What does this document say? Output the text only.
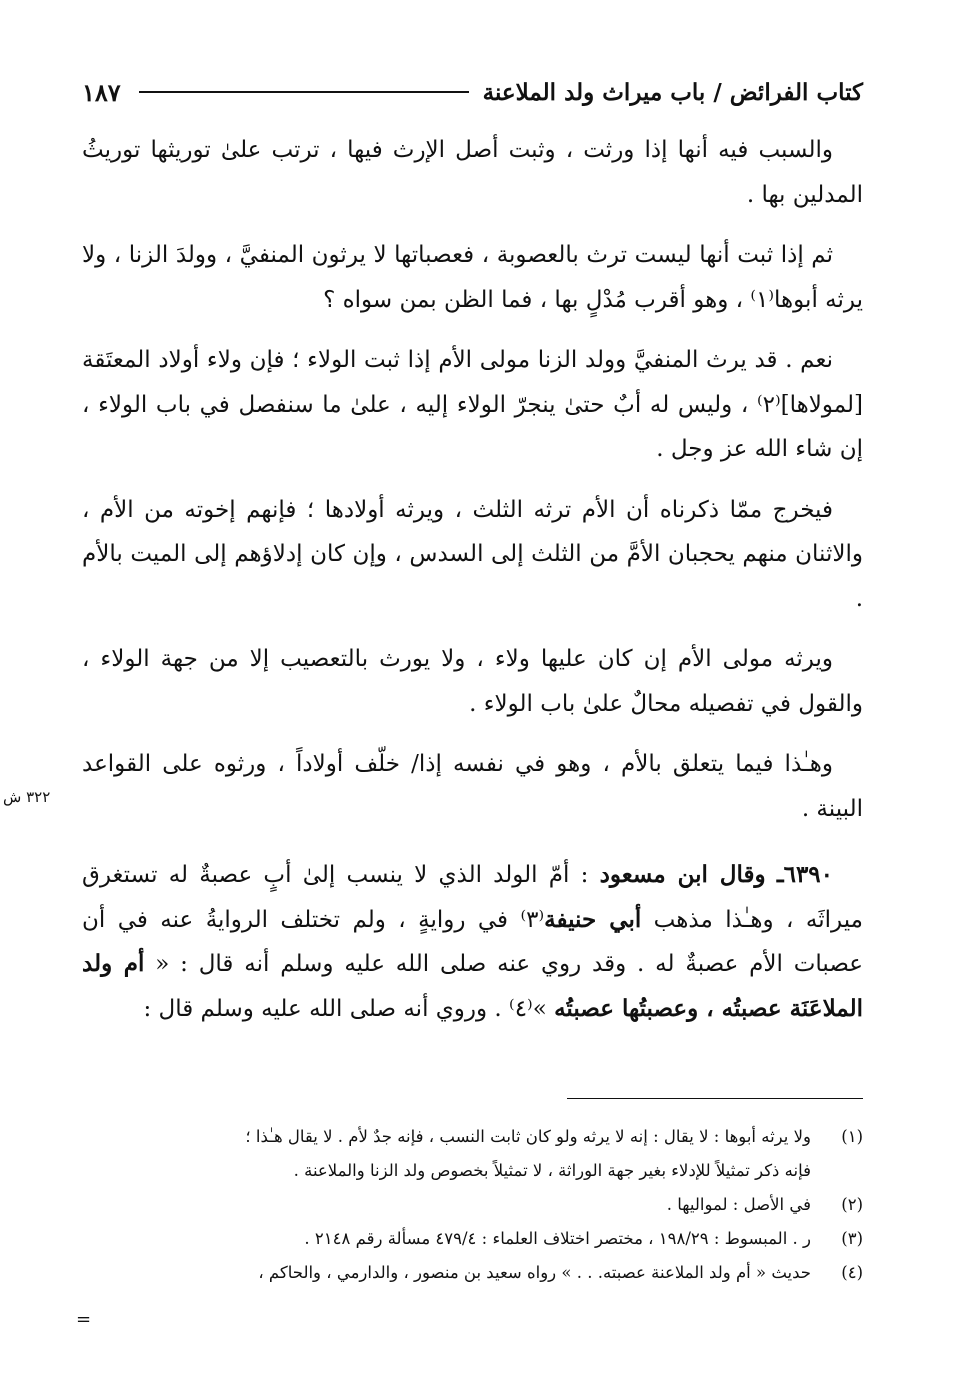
كتاب الفرائض / باب ميراث ولد الملاعنة
١٨٧
٣٢٢ ش

والسبب فيه أنها إذا ورثت ، وثبت أصل الإرث فيها ، ترتب علىٰ توريثها توريثُ المدلين بها .

ثم إذا ثبت أنها ليست ترث بالعصوبة ، فعصباتها لا يرثون المنفيَّ ، وولدَ الزنا ، ولا يرثه أبوها⁽١⁾ ، وهو أقرب مُدْلٍ بها ، فما الظن بمن سواه ؟

نعم . قد يرث المنفيَّ وولد الزنا مولى الأم إذا ثبت الولاء ؛ فإن ولاء أولاد المعتَقة [لمولاها]⁽٢⁾ ، وليس له أبٌ حتىٰ ينجرّ الولاء إليه ، علىٰ ما سنفصل في باب الولاء ، إن شاء الله عز وجل .

فيخرج ممّا ذكرناه أن الأم ترثه الثلث ، ويرثه أولادها ؛ فإنهم إخوته من الأم ، والاثنان منهم يحجبان الأمَّ من الثلث إلى السدس ، وإن كان إدلاؤهم إلى الميت بالأم .

ويرثه مولى الأم إن كان عليها ولاء ، ولا يورث بالتعصيب إلا من جهة الولاء ، والقول في تفصيله محالٌ علىٰ باب الولاء .

وهـٰذا فيما يتعلق بالأم ، وهو في نفسه إذا/ خلّف أولاداً ، ورثوه على القواعد البينة .

٦٣٩٠ـ وقال ابن مسعود : أمّ الولد الذي لا ينسب إلىٰ أبٍ عصبةٌ له تستغرق ميراثَه ، وهـٰذا مذهب أبي حنيفة⁽٣⁾ في روايةٍ ، ولم تختلف الروايةُ عنه في أن عصبات الأم عصبةٌ له . وقد روي عنه صلى الله عليه وسلم أنه قال : « أم ولد الملاعَنَة عصبتُه ، وعصبتُها عصبتُه »⁽٤⁾ . وروي أنه صلى الله عليه وسلم قال :

(١)
ولا يرثه أبوها : لا يقال : إنه لا يرثه ولو كان ثابت النسب ، فإنه جدٌ لأم . لا يقال هـٰذا ؛
فإنه ذكر تمثيلاً للإدلاء بغير جهة الوراثة ، لا تمثيلاً بخصوص ولد الزنا والملاعنة .
(٢)
في الأصل : لمواليها .
(٣)
ر . المبسوط : ١٩٨/٢٩ ، مختصر اختلاف العلماء : ٤٧٩/٤ مسألة رقم ٢١٤٨ .
(٤)
حديث « أم ولد الملاعنة عصبته. . . » رواه سعيد بن منصور ، والدارمي ، والحاكم ،
=
